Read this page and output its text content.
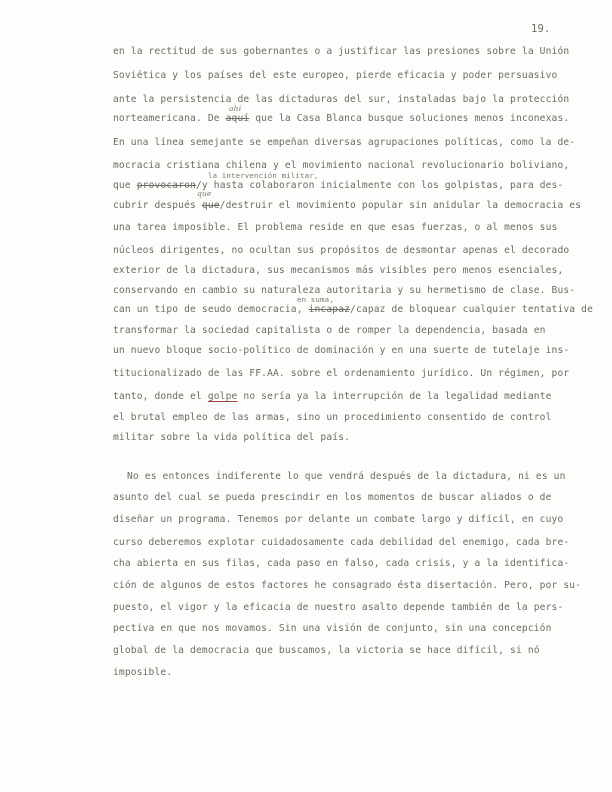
19.
en la rectitud de sus gobernantes o a justificar las presiones sobre la Unión
Soviética y los países del este europeo, pierde eficacia y poder persuasivo
ante la persistencia de las dictaduras del sur, instaladas bajo la protección
ahí
norteamericana. De aquí que la Casa Blanca busque soluciones menos inconexas.
En una línea semejante se empeñan diversas agrupaciones políticas, como la de-
mocracia cristiana chilena y el movimiento nacional revolucionario boliviano,
la intervención militar,
que provocaron/y hasta colaboraron inicialmente con los golpistas, para des-
que
cubrir después que/destruir el movimiento popular sin anidular la democracia es
una tarea imposible. El problema reside en que esas fuerzas, o al menos sus
núcleos dirigentes, no ocultan sus propósitos de desmontar apenas el decorado
exterior de la dictadura, sus mecanismos más visibles pero menos esenciales,
conservando en cambio su naturaleza autoritaria y su hermetismo de clase. Bus-
en suma,
can un tipo de seudo democracia, incapaz/capaz de bloquear cualquier tentativa de
transformar la sociedad capitalista o de romper la dependencia, basada en
un nuevo bloque socio-político de dominación y en una suerte de tutelaje ins-
titucionalizado de las FF.AA. sobre el ordenamiento jurídico. Un régimen, por
tanto, donde el golpe no sería ya la interrupción de la legalidad mediante
el brutal empleo de las armas, sino un procedimiento consentido de control
militar sobre la vida política del país.
No es entonces indiferente lo que vendrá después de la dictadura, ni es un
asunto del cual se pueda prescindir en los momentos de buscar aliados o de
diseñar un programa. Tenemos por delante un combate largo y difícil, en cuyo
curso deberemos explotar cuidadosamente cada debilidad del enemigo, cada bre-
cha abierta en sus filas, cada paso en falso, cada crisis, y a la identifica-
ción de algunos de estos factores he consagrado ésta disertación. Pero, por su-
puesto, el vigor y la eficacia de nuestro asalto depende también de la pers-
pectiva en que nos movamos. Sin una visión de conjunto, sin una concepción
global de la democracia que buscamos, la victoria se hace difícil, si nó
imposible.
